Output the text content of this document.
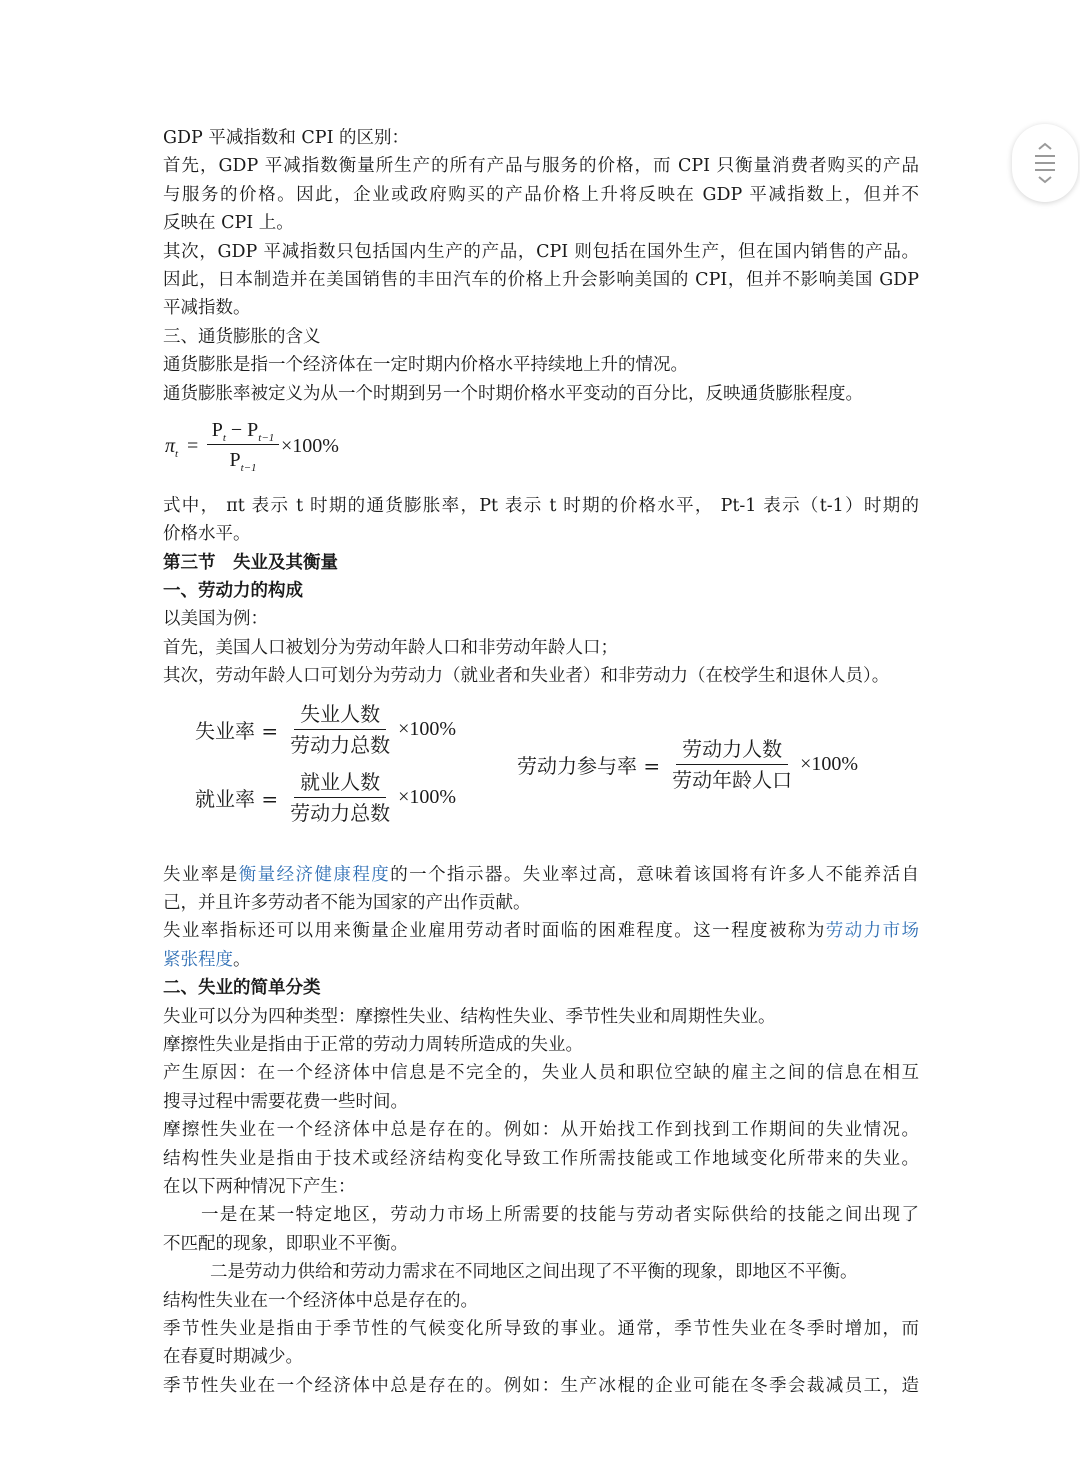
GDP 平减指数和 CPI 的区别：
首先，GDP 平减指数衡量所生产的所有产品与服务的价格，而 CPI 只衡量消费者购买的产品
与服务的价格。因此，企业或政府购买的产品价格上升将反映在 GDP 平减指数上，但并不
反映在 CPI 上。
其次，GDP 平减指数只包括国内生产的产品，CPI 则包括在国外生产，但在国内销售的产品。
因此，日本制造并在美国销售的丰田汽车的价格上升会影响美国的 CPI，但并不影响美国 GDP
平减指数。
三、通货膨胀的含义
通货膨胀是指一个经济体在一定时期内价格水平持续地上升的情况。
通货膨胀率被定义为从一个时期到另一个时期价格水平变动的百分比，反映通货膨胀程度。
$\pi_t = \frac{P_t - P_{t-1}}{P_{t-1}} \times 100\%$
式中， πt 表示 t 时期的通货膨胀率，Pt 表示 t 时期的价格水平， Pt-1 表示（t-1）时期的
价格水平。
第三节　失业及其衡量
一、劳动力的构成
以美国为例：
首先，美国人口被划分为劳动年龄人口和非劳动年龄人口；
其次，劳动年龄人口可划分为劳动力（就业者和失业者）和非劳动力（在校学生和退休人员）。
失业率 = $\frac{\text{失业人数}}{\text{劳动力总数}} \times 100\%$
就业率 = $\frac{\text{就业人数}}{\text{劳动力总数}} \times 100\%$
劳动力参与率 = $\frac{\text{劳动力人数}}{\text{劳动年龄人口}} \times 100\%$
失业率是衡量经济健康程度的一个指示器。失业率过高，意味着该国将有许多人不能养活自
己，并且许多劳动者不能为国家的产出作贡献。
失业率指标还可以用来衡量企业雇用劳动者时面临的困难程度。这一程度被称为劳动力市场
紧张程度。
二、失业的简单分类
失业可以分为四种类型：摩擦性失业、结构性失业、季节性失业和周期性失业。
摩擦性失业是指由于正常的劳动力周转所造成的失业。
产生原因：在一个经济体中信息是不完全的，失业人员和职位空缺的雇主之间的信息在相互
搜寻过程中需要花费一些时间。
摩擦性失业在一个经济体中总是存在的。例如：从开始找工作到找到工作期间的失业情况。
结构性失业是指由于技术或经济结构变化导致工作所需技能或工作地域变化所带来的失业。
在以下两种情况下产生：
一是在某一特定地区，劳动力市场上所需要的技能与劳动者实际供给的技能之间出现了
不匹配的现象，即职业不平衡。
二是劳动力供给和劳动力需求在不同地区之间出现了不平衡的现象，即地区不平衡。
结构性失业在一个经济体中总是存在的。
季节性失业是指由于季节性的气候变化所导致的事业。通常，季节性失业在冬季时增加，而
在春夏时期减少。
季节性失业在一个经济体中总是存在的。例如：生产冰棍的企业可能在冬季会裁减员工，造
